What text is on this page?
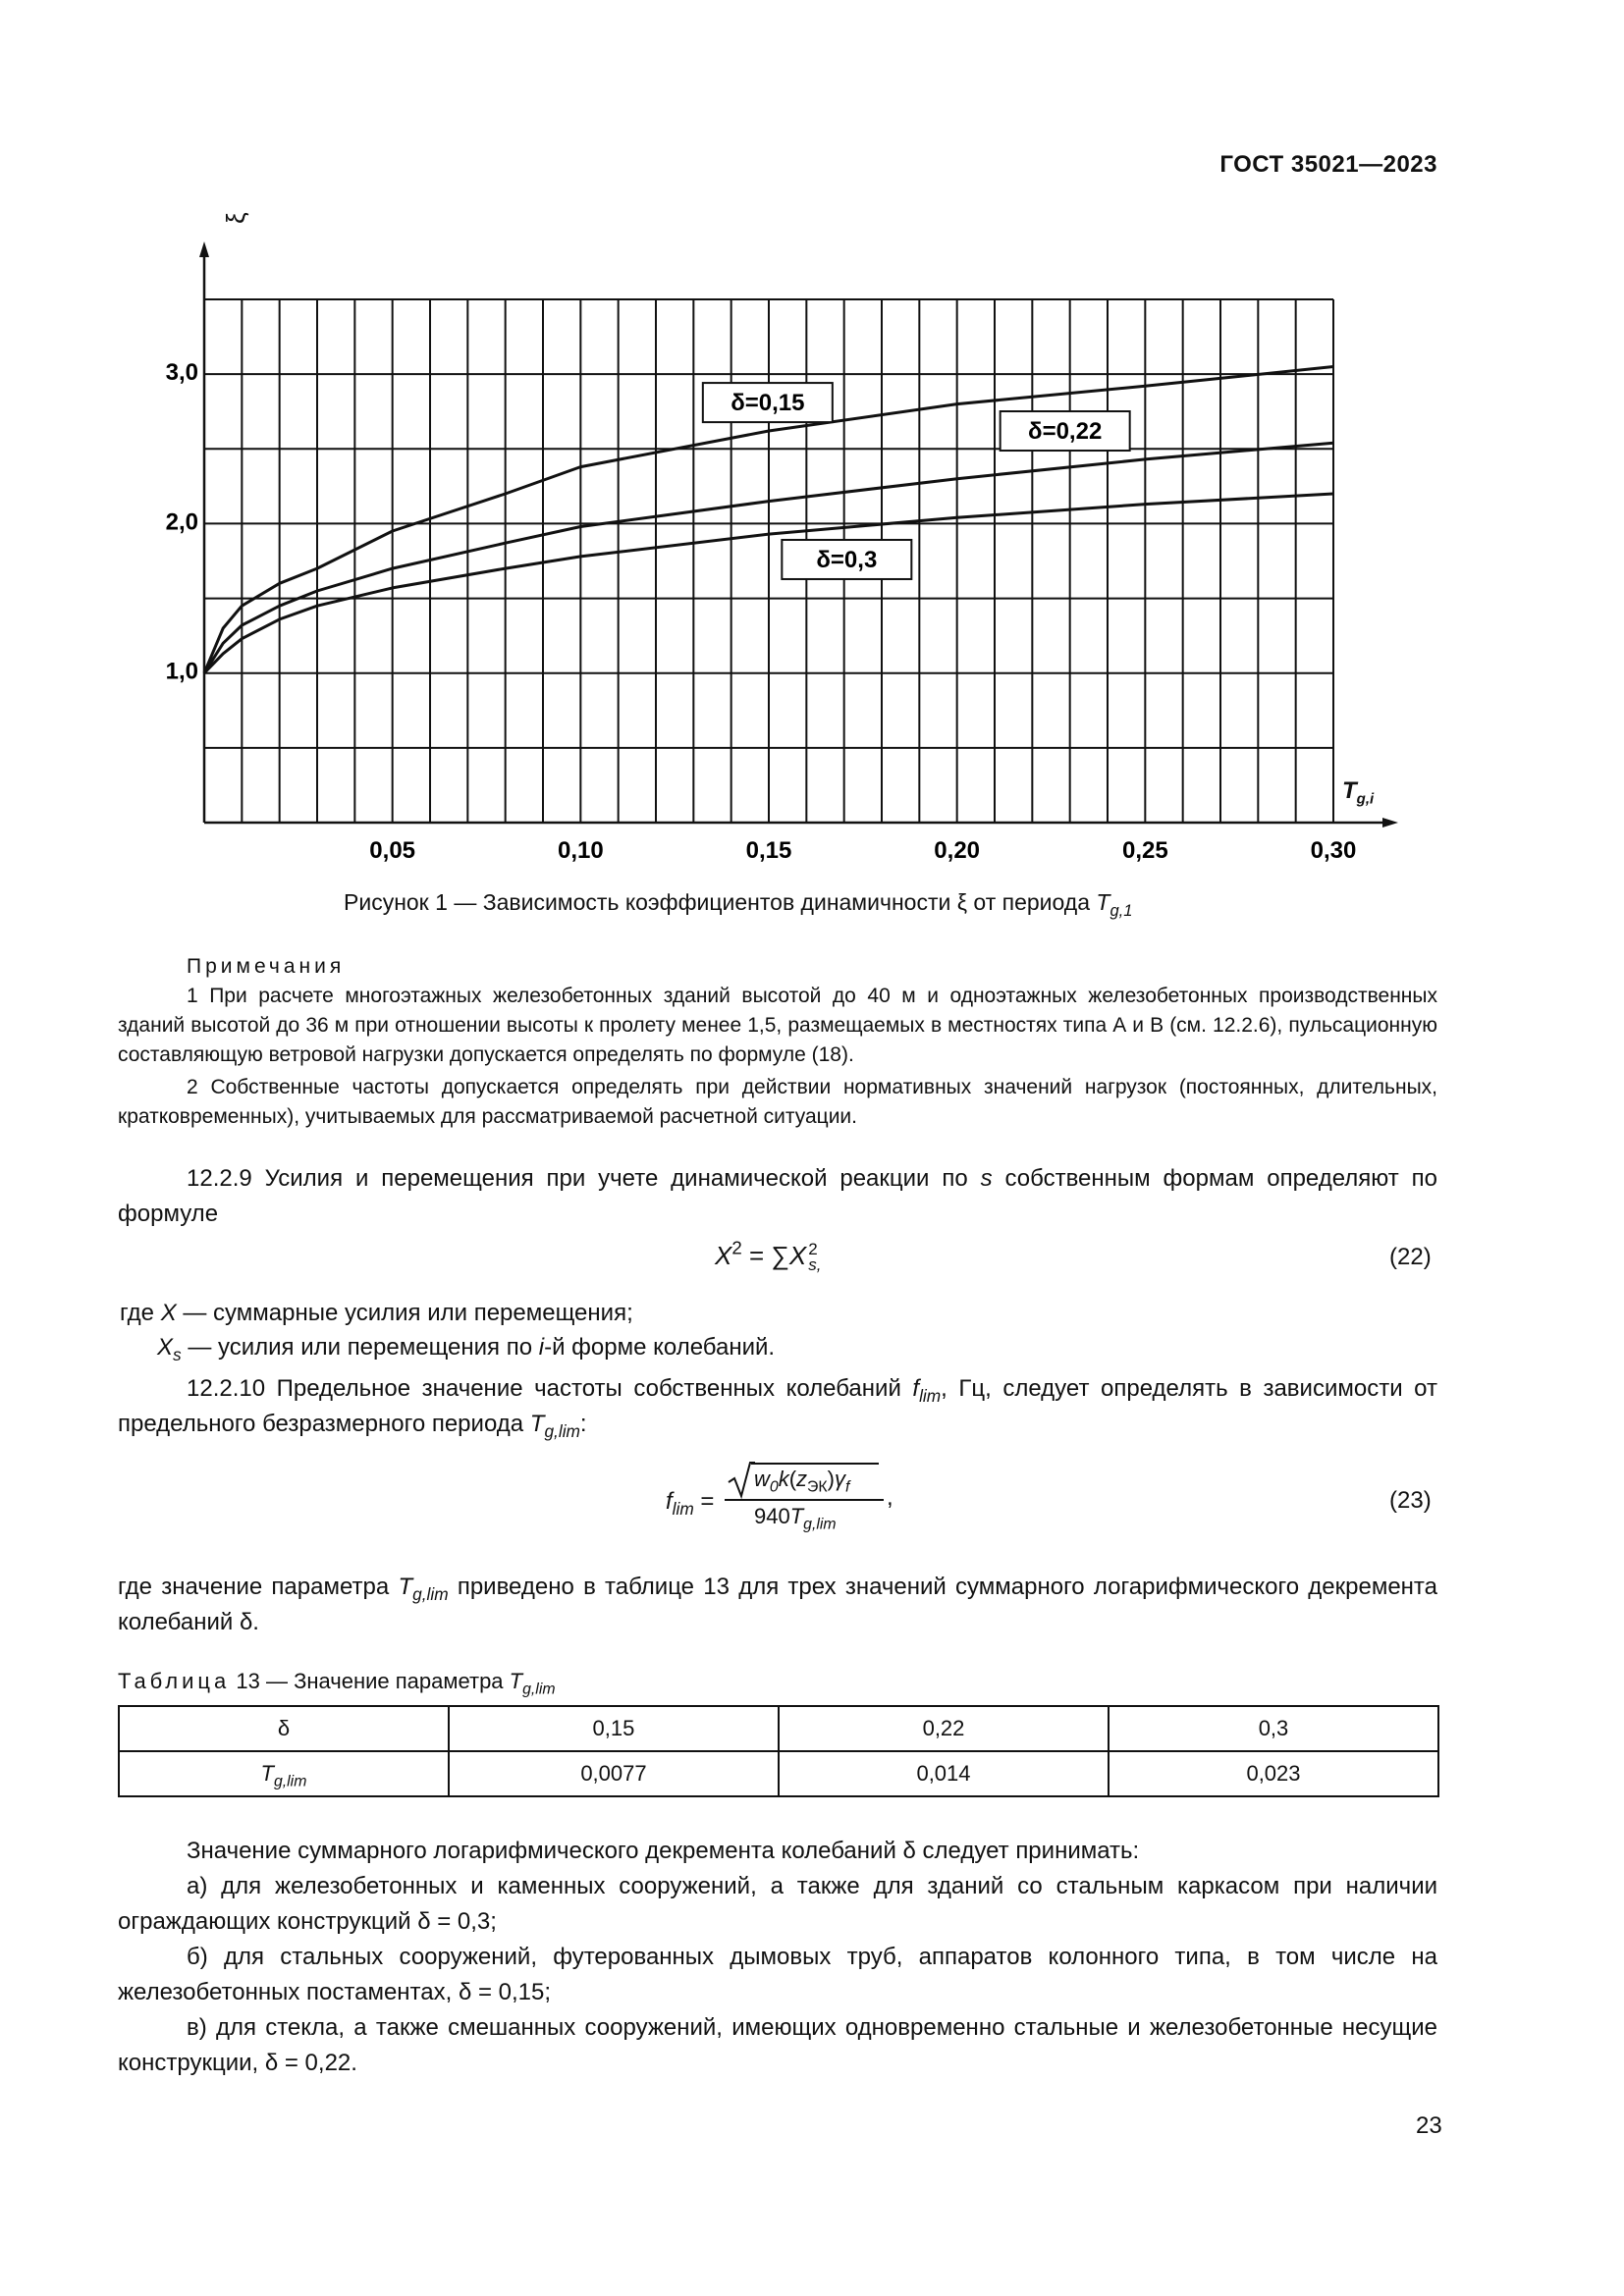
ГОСТ 35021—2023
0,05	0,10	0,15	0,20	0,25	0,30
1,0
2,0
3,0
δ=0,15
δ=0,22
δ=0,3
ξ
$T_{g,i}$
Рисунок 1 — Зависимость коэффициентов динамичности ξ от периода $T_{g,1}$
Примечания
1 При расчете многоэтажных железобетонных зданий высотой до 40 м и одноэтажных железобетонных производственных зданий высотой до 36 м при отношении высоты к пролету менее 1,5, размещаемых в местностях типа А и В (см. 12.2.6), пульсационную составляющую ветровой нагрузки допускается определять по формуле (18).
2 Собственные частоты допускается определять при действии нормативных значений нагрузок (постоянных, длительных, кратковременных), учитываемых для рассматриваемой расчетной ситуации.
12.2.9 Усилия и перемещения при учете динамической реакции по s собственным формам определяют по формуле
$X^2 = \sum X$ 2
s,	(22)
где X — суммарные усилия или перемещения;
$X_s$ — усилия или перемещения по i-й форме колебаний.
12.2.10 Предельное значение частоты собственных колебаний $f_{lim}$, Гц, следует определять в зависимости от предельного безразмерного периода $T_{g,lim}$:
$f_{lim}$ =
$w_0k(z_{ЭК})\gamma_f$
$940T_{g,lim}$
,	(23)
где значение параметра $T_{g,lim}$ приведено в таблице 13 для трех значений суммарного логарифмического декремента колебаний δ.
Таблица 13 — Значение параметра $T_{g,lim}$
δ	0,15	0,22	0,3
$T_{g,lim}$	0,0077	0,014	0,023
Значение суммарного логарифмического декремента колебаний δ следует принимать:
а) для железобетонных и каменных сооружений, а также для зданий со стальным каркасом при наличии ограждающих конструкций δ = 0,3;
б) для стальных сооружений, футерованных дымовых труб, аппаратов колонного типа, в том числе на железобетонных постаментах, δ = 0,15;
в) для стекла, а также смешанных сооружений, имеющих одновременно стальные и железобетонные несущие конструкции, δ = 0,22.
23
